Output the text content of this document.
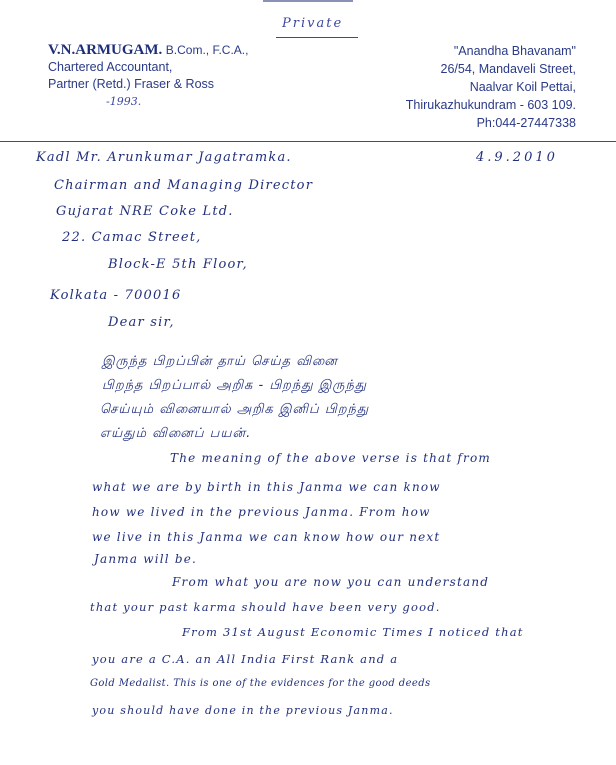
Private
V.N.ARMUGAM. B.Com., F.C.A.,
Chartered Accountant,
Partner (Retd.) Fraser & Ross
-1993.
"Anandha Bhavanam"
26/54, Mandaveli Street,
Naalvar Koil Pettai,
Thirukazhukundram - 603 109.
Ph:044-27447338
4.9.2010
Kadl Mr. Arunkumar Jagatramka.
Chairman and Managing Director
Gujarat NRE Coke Ltd.
22. Camac Street,
Block-E 5th Floor,
Kolkata - 700016
Dear sir,
இருந்த பிறப்பின் தாய் செய்த வினை
பிறந்த பிறப்பால் அறிக - பிறந்து இருந்து
செய்யும் வினையால் அறிக இனிப் பிறந்து
எய்தும் வினைப் பயன்.
The meaning of the above verse is that from
what we are by birth in this Janma we can know
how we lived in the previous Janma. From how
we live in this Janma we can know how our next
Janma will be.
From what you are now you can understand
that your past karma should have been very good.
From 31st August Economic Times I noticed that
you are a C.A. an All India First Rank and a
Gold Medalist. This is one of the evidences for the good deeds
you should have done in the previous Janma.
